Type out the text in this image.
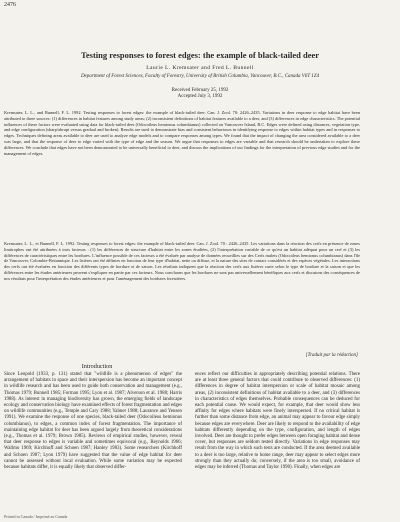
2476
Testing responses to forest edges: the example of black-tailed deer
Laurie L. Kremsater and Fred L. Bunnell
Department of Forest Sciences, Faculty of Forestry, University of British Columbia, Vancouver, B.C., Canada V6T 1Z4
Received February 25, 1992
Accepted July 3, 1992
Kremsater, L. L., and Bunnell, F. L. 1992. Testing responses to forest edges: the example of black-tailed deer. Can. J. Zool. 70: 2426–2435. Variations in deer response to edge habitat have been attributed to three sources: (1) differences in habitat features among study areas; (2) inconsistent definitions of habitat features available to a deer, and (3) differences in edge characteristics. The potential influences of these factors were evaluated using data for black-tailed deer (Odocoileus hemionus columbianus) collected on Vancouver Island, B.C. Edges were defined using distances, vegetation type, and edge configuration (sharp/abrupt versus gradual and broken). Results are used to demonstrate bias and consistent behaviours in identifying response to edges within habitat types and in responses to edges. Techniques defining areas available to deer are used to analyze edge models and to compare responses among types. We found that the impact of changing the area considered available to a deer was large, and that the response of deer to edge varied with the type of edge and the season. We argue that responses to edges are variable and that research should be undertaken to explore these differences. We conclude that edges have not been demonstrated to be universally beneficial to deer, and discuss the implications of our findings for the interpretation of previous edge studies and for the management of edges.
Kremsater, L. L., et Bunnell, F. L. 1992. Testing responses to forest edges: the example of black-tailed deer. Can. J. Zool. 70 : 2426–2435. Les variations dans la réaction des cerfs en présence de zones limitrophes ont été attribuées à trois facteurs : (1) les différences de structure d'habitat entre les zones étudiées, (2) l'interprétation variable de ce qu'est un habitat adéquat pour un cerf et (3) les différences de caractéristiques entre les bordures. L'influence possible de ces facteurs a été évaluée par analyse de données recueillies sur des Cerfs mulets (Odocoileus hemionus columbianus) dans l'île de Vancouver, Colombie-Britannique. Les lisières ont été définies en fonction de leur type d'habitat, nette ou diffuse, et la nature des sites de contact considérés et des espèces végétales. Les interactions des cerfs ont été évaluées en fonction des différents types de bordure et de saison. Les résultats indiquent que la réaction des cerfs aux lisières varie selon le type de bordure et la saison et que les différences entre les études antérieures peuvent s'expliquer en partie par ces facteurs. Nous concluons que les bordures ne sont pas universellement bénéfiques aux cerfs et discutons des conséquences de nos résultats pour l'interprétation des études antérieures et pour l'aménagement des bordures forestières.
[Traduit par la rédaction]
Introduction
Since Leopold (1933, p. 131) stated that "wildlife is a phenomenon of edges" the arrangement of habitats in space and their interspersion has become an important concept in wildlife research and has been used to guide both conservation and management (e.g., Thomas 1979; Bunnell 1985; Forman 1995; Lyon et al. 1987; Alverson et al. 1988; Harris 1988). As interest in managing biodiversity has grown, the emerging fields of landscape ecology and conservation biology have examined effects of forest fragmentation and edges on wildlife communities (e.g., Temple and Cary 1988; Yahner 1988; Laurance and Yensen 1991). We examine the response of one species, black-tailed deer (Odocoileus hemionus columbianus), to edges, a common index of forest fragmentation. The importance of maintaining edge habitat for deer has been argued largely from theoretical considerations (e.g., Thomas et al. 1979; Brown 1985). Reviews of empirical studies, however, reveal that deer response to edges is variable and sometimes equivocal (e.g., Reynolds 1966; Wallmo 1969; Kirchhoff and Schoen 1987; Hanley 1983). Some researchers (Kirchhoff and Schoen 1987; Lyon 1979) have suggested that the value of edge habitat for deer cannot be assessed without local evaluation. While some variation may be expected because habitats differ, it is equally likely that observed differ-
ences reflect our difficulties in appropriately describing potential relations. There are at least three general factors that could contribute to observed differences: (1) differences in degree of habitat interspersion or scale of habitat mosaic among areas, (2) inconsistent definitions of habitat available to a deer, and (3) differences in characteristics of edges themselves. Probable consequences can be deduced for each potential cause. We would expect, for example, that deer would show less affinity for edges where habitats were finely interspersed. If no critical habitat is further than some distance from edge, an animal may appear to favour edge simply because edges are everywhere. Deer are likely to respond to the availability of edge habitats differently depending on the type, configuration, and length of edges involved. Deer are thought to prefer edges between open foraging habitat and dense cover, but responses are seldom tested directly. Variations in edge responses may result from the way in which such tests are conducted. If the area deemed available to a deer is too large, relative to home range, deer may appear to select edges more strongly than they actually do; conversely, if the area is too small, avoidance of edges may be inferred (Thomas and Taylor 1990). Finally, when edges are
Printed in Canada / Imprimé au Canada
